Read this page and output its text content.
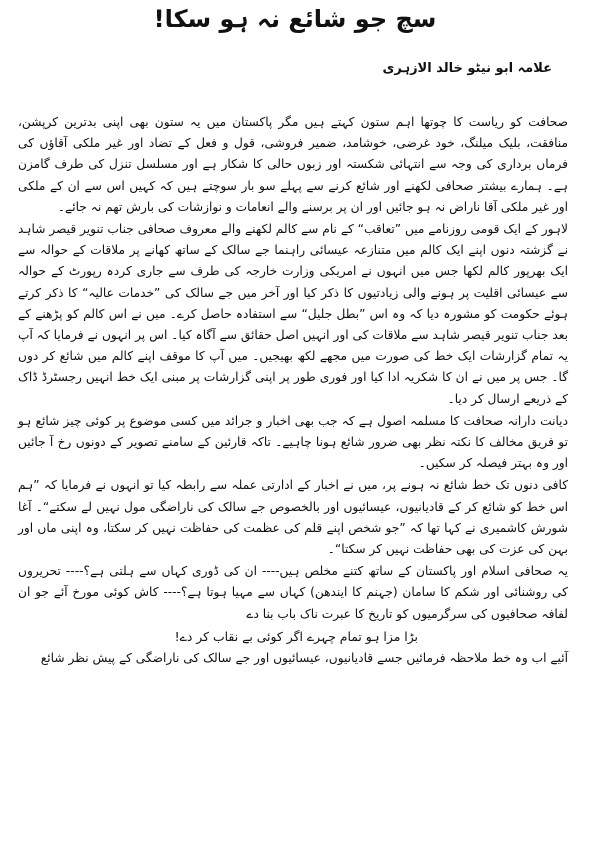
سچ جو شائع نہ ہو سکا!
علامہ ابو نیٹو خالد الازہری

صحافت کو ریاست کا چوتھا اہم ستون کہتے ہیں مگر پاکستان میں یہ ستون بھی اپنی بدترین کرپشن، منافقت، بلیک میلنگ، خود غرضی، خوشامد، ضمیر فروشی، قول و فعل کے تضاد اور غیر ملکی آقاؤں کی فرماں برداری کی وجہ سے انتہائی شکستہ اور زبوں حالی کا شکار ہے اور مسلسل تنزل کی طرف گامزن ہے۔ ہمارے بیشتر صحافی لکھنے اور شائع کرنے سے پہلے سو بار سوچتے ہیں کہ کہیں اس سے ان کے ملکی اور غیر ملکی آقا ناراض نہ ہو جائیں اور ان پر برسنے والے انعامات و نوازشات کی بارش تھم نہ جائے۔

لاہور کے ایک قومی روزنامے میں ”تعاقب“ کے نام سے کالم لکھنے والے معروف صحافی جناب تنویر قیصر شاہد نے گزشتہ دنوں اپنے ایک کالم میں متنازعہ عیسائی راہنما جے سالک کے ساتھ کھانے پر ملاقات کے حوالہ سے ایک بھرپور کالم لکھا جس میں انہوں نے امریکی وزارت خارجہ کی طرف سے جاری کردہ رپورٹ کے حوالہ سے عیسائی اقلیت پر ہونے والی زیادتیوں کا ذکر کیا اور آخر میں جے سالک کی ”خدمات عالیہ“ کا ذکر کرتے ہوئے حکومت کو مشورہ دیا کہ وہ اس ”بطل جلیل“ سے استفادہ حاصل کرے۔ میں نے اس کالم کو پڑھنے کے بعد جناب تنویر قیصر شاہد سے ملاقات کی اور انہیں اصل حقائق سے آگاہ کیا۔ اس پر انہوں نے فرمایا کہ آپ یہ تمام گزارشات ایک خط کی صورت میں مجھے لکھ بھیجیں۔ میں آپ کا موقف اپنے کالم میں شائع کر دوں گا۔ جس پر میں نے ان کا شکریہ ادا کیا اور فوری طور پر اپنی گزارشات پر مبنی ایک خط انہیں رجسٹرڈ ڈاک کے ذریعے ارسال کر دیا۔

دیانت دارانہ صحافت کا مسلمہ اصول ہے کہ جب بھی اخبار و جرائد میں کسی موضوع پر کوئی چیز شائع ہو تو فریق مخالف کا نکتہ نظر بھی ضرور شائع ہونا چاہیے۔ تاکہ قارئین کے سامنے تصویر کے دونوں رخ آ جائیں اور وہ بہتر فیصلہ کر سکیں۔

کافی دنوں تک خط شائع نہ ہونے پر، میں نے اخبار کے ادارتی عملہ سے رابطہ کیا تو انہوں نے فرمایا کہ ”ہم اس خط کو شائع کر کے قادیانیوں، عیسائیوں اور بالخصوص جے سالک کی ناراضگی مول نہیں لے سکتے“۔ آغا شورش کاشمیری نے کہا تھا کہ ”جو شخص اپنے قلم کی عظمت کی حفاظت نہیں کر سکتا، وہ اپنی ماں اور بہن کی عزت کی بھی حفاظت نہیں کر سکتا“۔

یہ صحافی اسلام اور پاکستان کے ساتھ کتنے مخلص ہیں---- ان کی ڈوری کہاں سے ہلتی ہے؟---- تحریروں کی روشنائی اور شکم کا سامان (جہنم کا ایندھن) کہاں سے مہیا ہوتا ہے؟---- کاش کوئی مورخ آئے جو ان لفافہ صحافیوں کی سرگرمیوں کو تاریخ کا عبرت ناک باب بنا دے

بڑا مزا ہو تمام چہرے اگر کوئی بے نقاب کر دے!

آئیے اب وہ خط ملاحظہ فرمائیں جسے قادیانیوں، عیسائیوں اور جے سالک کی ناراضگی کے پیش نظر شائع
